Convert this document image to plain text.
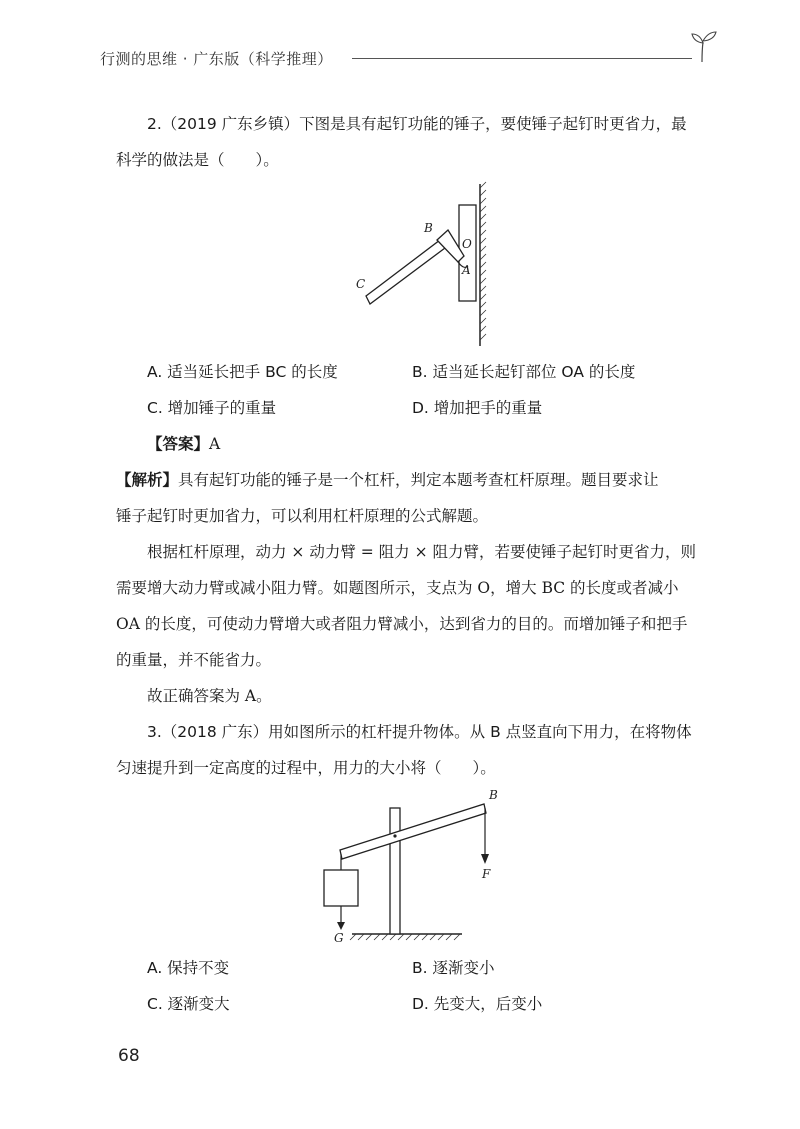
行测的思维 · 广东版（科学推理）
2.（2019 广东乡镇）下图是具有起钉功能的锤子，要使锤子起钉时更省力，最
科学的做法是（　　）。
B
O
A
C
A. 适当延长把手 BC 的长度	B. 适当延长起钉部位 OA 的长度
C. 增加锤子的重量	D. 增加把手的重量
【答案】A
【解析】具有起钉功能的锤子是一个杠杆，判定本题考查杠杆原理。题目要求让
锤子起钉时更加省力，可以利用杠杆原理的公式解题。
根据杠杆原理，动力 × 动力臂 = 阻力 × 阻力臂，若要使锤子起钉时更省力，则
需要增大动力臂或减小阻力臂。如题图所示，支点为 O，增大 BC 的长度或者减小
OA 的长度，可使动力臂增大或者阻力臂减小，达到省力的目的。而增加锤子和把手
的重量，并不能省力。
故正确答案为 A。
3.（2018 广东）用如图所示的杠杆提升物体。从 B 点竖直向下用力，在将物体
匀速提升到一定高度的过程中，用力的大小将（　　）。
B
F
G
A. 保持不变	B. 逐渐变小
C. 逐渐变大	D. 先变大，后变小
68
